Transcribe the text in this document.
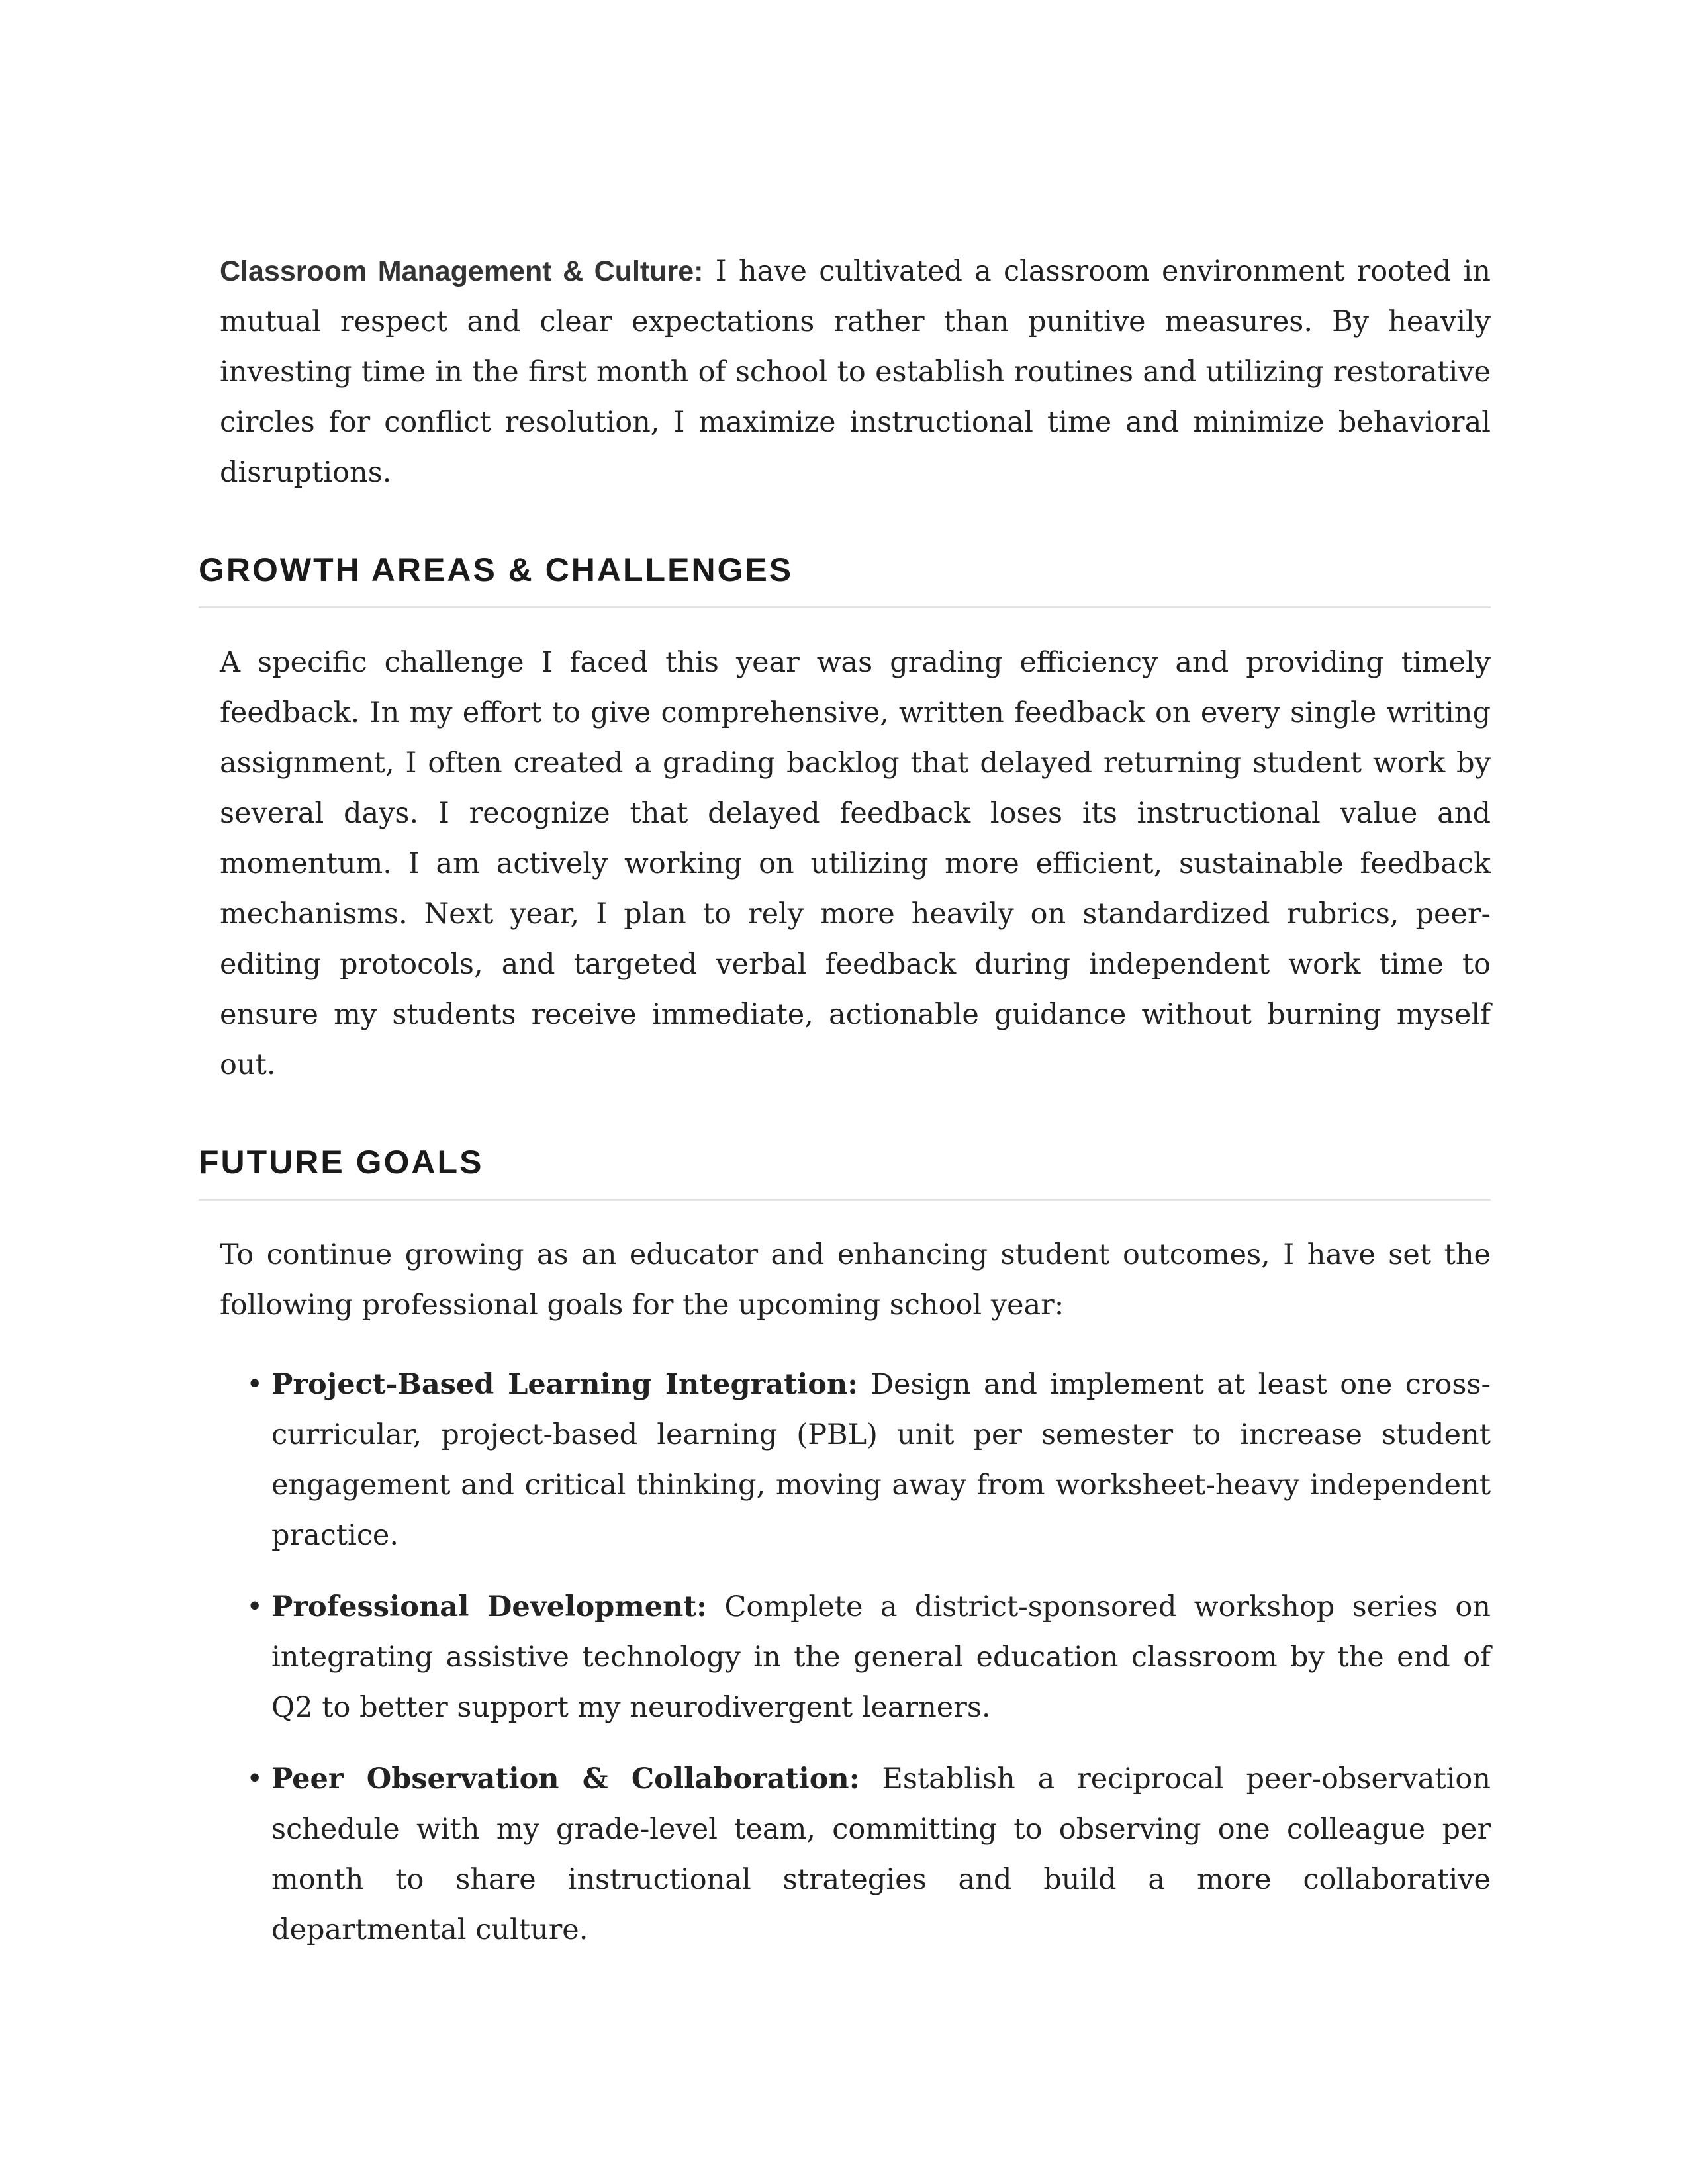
Classroom Management & Culture: I have cultivated a classroom environment rooted in mutual respect and clear expectations rather than punitive measures. By heavily investing time in the first month of school to establish routines and utilizing restorative circles for conflict resolution, I maximize instructional time and minimize behavioral disruptions.

GROWTH AREAS & CHALLENGES

A specific challenge I faced this year was grading efficiency and providing timely feedback. In my effort to give comprehensive, written feedback on every single writing assignment, I often created a grading backlog that delayed returning student work by several days. I recognize that delayed feedback loses its instructional value and momentum. I am actively working on utilizing more efficient, sustainable feedback mechanisms. Next year, I plan to rely more heavily on standardized rubrics, peer-editing protocols, and targeted verbal feedback during independent work time to ensure my students receive immediate, actionable guidance without burning myself out.

FUTURE GOALS

To continue growing as an educator and enhancing student outcomes, I have set the following professional goals for the upcoming school year:

• Project-Based Learning Integration: Design and implement at least one cross-curricular, project-based learning (PBL) unit per semester to increase student engagement and critical thinking, moving away from worksheet-heavy independent practice.
• Professional Development: Complete a district-sponsored workshop series on integrating assistive technology in the general education classroom by the end of Q2 to better support my neurodivergent learners.
• Peer Observation & Collaboration: Establish a reciprocal peer-observation schedule with my grade-level team, committing to observing one colleague per month to share instructional strategies and build a more collaborative departmental culture.
